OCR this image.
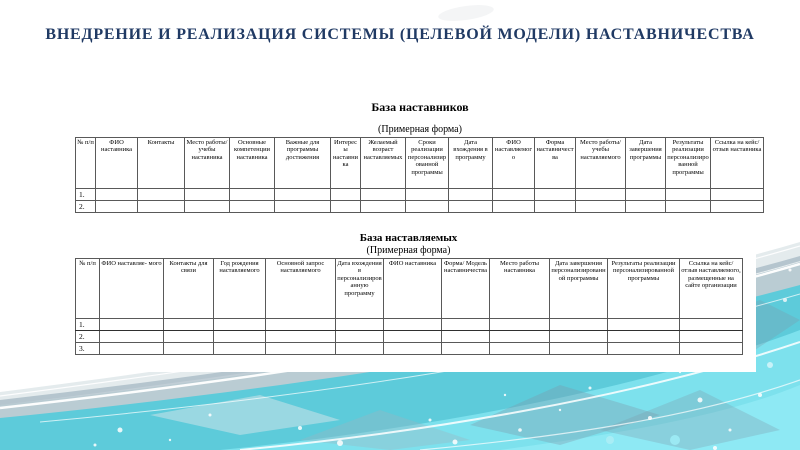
ВНЕДРЕНИЕ И РЕАЛИЗАЦИЯ СИСТЕМЫ (ЦЕЛЕВОЙ МОДЕЛИ) НАСТАВНИЧЕСТВА
База наставников
(Примерная форма)
№ п/п	ФИО наставника	Контакты	Место работы/ учебы наставника	Основные компетенции наставника	Важные для программы достижения	Интересы наставника	Желаемый возраст наставляемых	Сроки реализации персонализированной программы	Дата вхождения в программу	ФИО наставляемого	Форма наставничества	Место работы/учебы наставляемого	Дата завершения программы	Результаты реализации персонализированной программы	Ссылка на кейс/отзыв наставника
1.															
2.															
База наставляемых
(Примерная форма)
№ п/п	ФИО наставляе- мого	Контакты для связи	Год рождения наставляемого	Основной запрос наставляемого	Дата вхождения в персонализированную программу	ФИО наставника	Форма/ Модель наставничества	Место работы наставника	Дата завершения персонализированной программы	Результаты реализации персонализированной программы	Ссылка на кейс/отзыв наставляемого, размещенные на сайте организации
1.											
2.											
3.											
